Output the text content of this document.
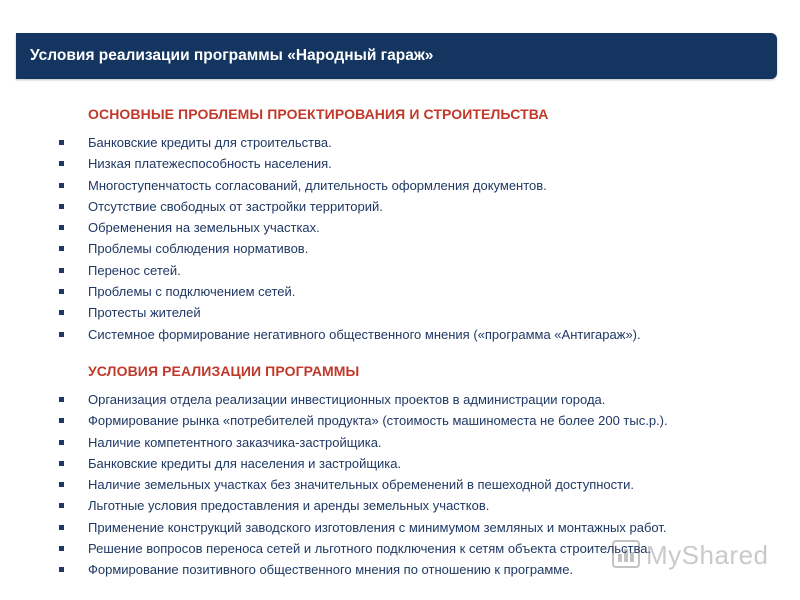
Условия реализации программы «Народный гараж»
ОСНОВНЫЕ ПРОБЛЕМЫ ПРОЕКТИРОВАНИЯ И СТРОИТЕЛЬСТВА
Банковские кредиты для строительства.
Низкая платежеспособность населения.
Многоступенчатость согласований, длительность оформления документов.
Отсутствие свободных от застройки территорий.
Обременения на земельных участках.
Проблемы соблюдения нормативов.
Перенос сетей.
Проблемы с подключением сетей.
Протесты жителей
Системное формирование негативного общественного мнения («программа «Антигараж»).
УСЛОВИЯ РЕАЛИЗАЦИИ ПРОГРАММЫ
Организация отдела реализации инвестиционных проектов в администрации города.
Формирование рынка «потребителей продукта» (стоимость машиноместа не более 200 тыс.р.).
Наличие компетентного заказчика-застройщика.
Банковские кредиты для населения и застройщика.
Наличие земельных участках без значительных обременений в пешеходной доступности.
Льготные условия предоставления и аренды земельных участков.
Применение конструкций заводского изготовления с минимумом земляных и монтажных работ.
Решение вопросов переноса сетей и льготного подключения к сетям объекта строительства.
Формирование позитивного общественного мнения по отношению к программе.	MyShared
